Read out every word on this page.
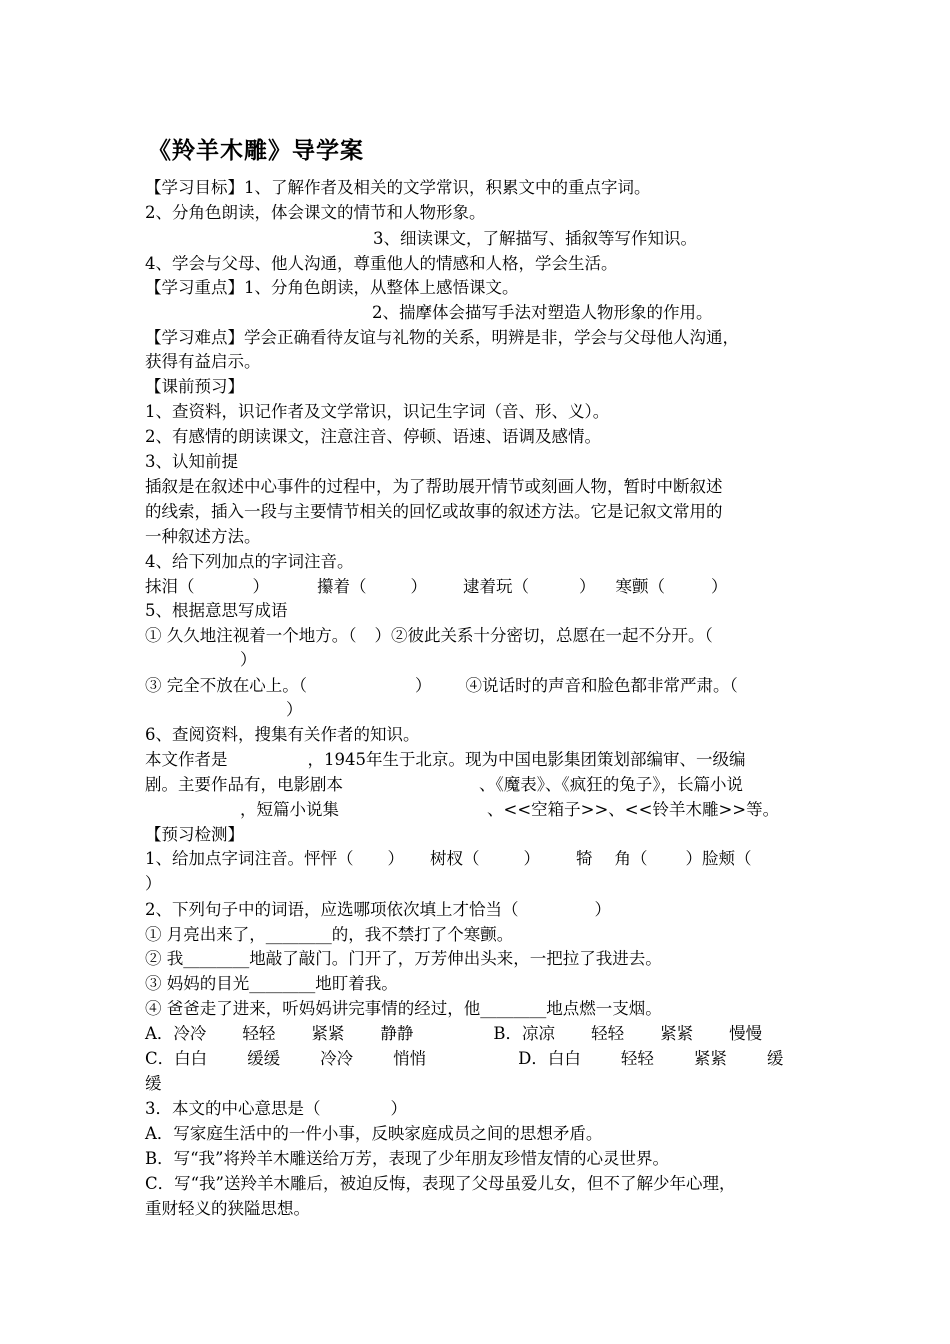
《羚羊木雕》导学案
【学习目标】1、了解作者及相关的文学常识，积累文中的重点字词。
2、分角色朗读，体会课文的情节和人物形象。
3、细读课文，了解描写、插叙等写作知识。
4、学会与父母、他人沟通，尊重他人的情感和人格，学会生活。
【学习重点】1、分角色朗读，从整体上感悟课文。
2、揣摩体会描写手法对塑造人物形象的作用。
【学习难点】学会正确看待友谊与礼物的关系，明辨是非，学会与父母他人沟通，
获得有益启示。
【课前预习】
1、查资料，识记作者及文学常识，识记生字词（音、形、义）。
2、有感情的朗读课文，注意注音、停顿、语速、语调及感情。
3、认知前提
插叙是在叙述中心事件的过程中，为了帮助展开情节或刻画人物，暂时中断叙述
的线索，插入一段与主要情节相关的回忆或故事的叙述方法。它是记叙文常用的
一种叙述方法。
4、给下列加点的字词注音。
抹泪（	）	攥着（	） 逮着玩（	） 寒颤（	）
5、根据意思写成语
① 久久地注视着一个地方。（ ）②彼此关系十分密切，总愿在一起不分开。（
）
③ 完全不放在心上。（	） ④说话时的声音和脸色都非常严肃。（
）
6、查阅资料，搜集有关作者的知识。
本文作者是	，1945年生于北京。现为中国电影集团策划部编审、一级编
剧。主要作品有，电影剧本	、《魔表》、《疯狂的兔子》，长篇小说
，短篇小说集	、<<空箱子>>、<<铃羊木雕>>等。
【预习检测】
1、给加点字词注音。怦怦（ ） 树杈（	） 犄 角（ ）脸颊（
）
2、下列句子中的词语，应选哪项依次填上才恰当（	）
① 月亮出来了，________的，我不禁打了个寒颤。
② 我________地敲了敲门。门开了，万芳伸出头来，一把拉了我进去。
③ 妈妈的目光________地盯着我。
④ 爸爸走了进来，听妈妈讲完事情的经过，他________地点燃一支烟。
A．冷冷 轻轻 紧紧 静静	B．凉凉 轻轻 紧紧 慢慢
C．白白 缓缓 冷冷 悄悄	D．白白 轻轻 紧紧 缓
缓
3．本文的中心意思是（	）
A．写家庭生活中的一件小事，反映家庭成员之间的思想矛盾。
B．写“我”将羚羊木雕送给万芳，表现了少年朋友珍惜友情的心灵世界。
C．写“我”送羚羊木雕后，被迫反悔，表现了父母虽爱儿女，但不了解少年心理，
重财轻义的狭隘思想。
